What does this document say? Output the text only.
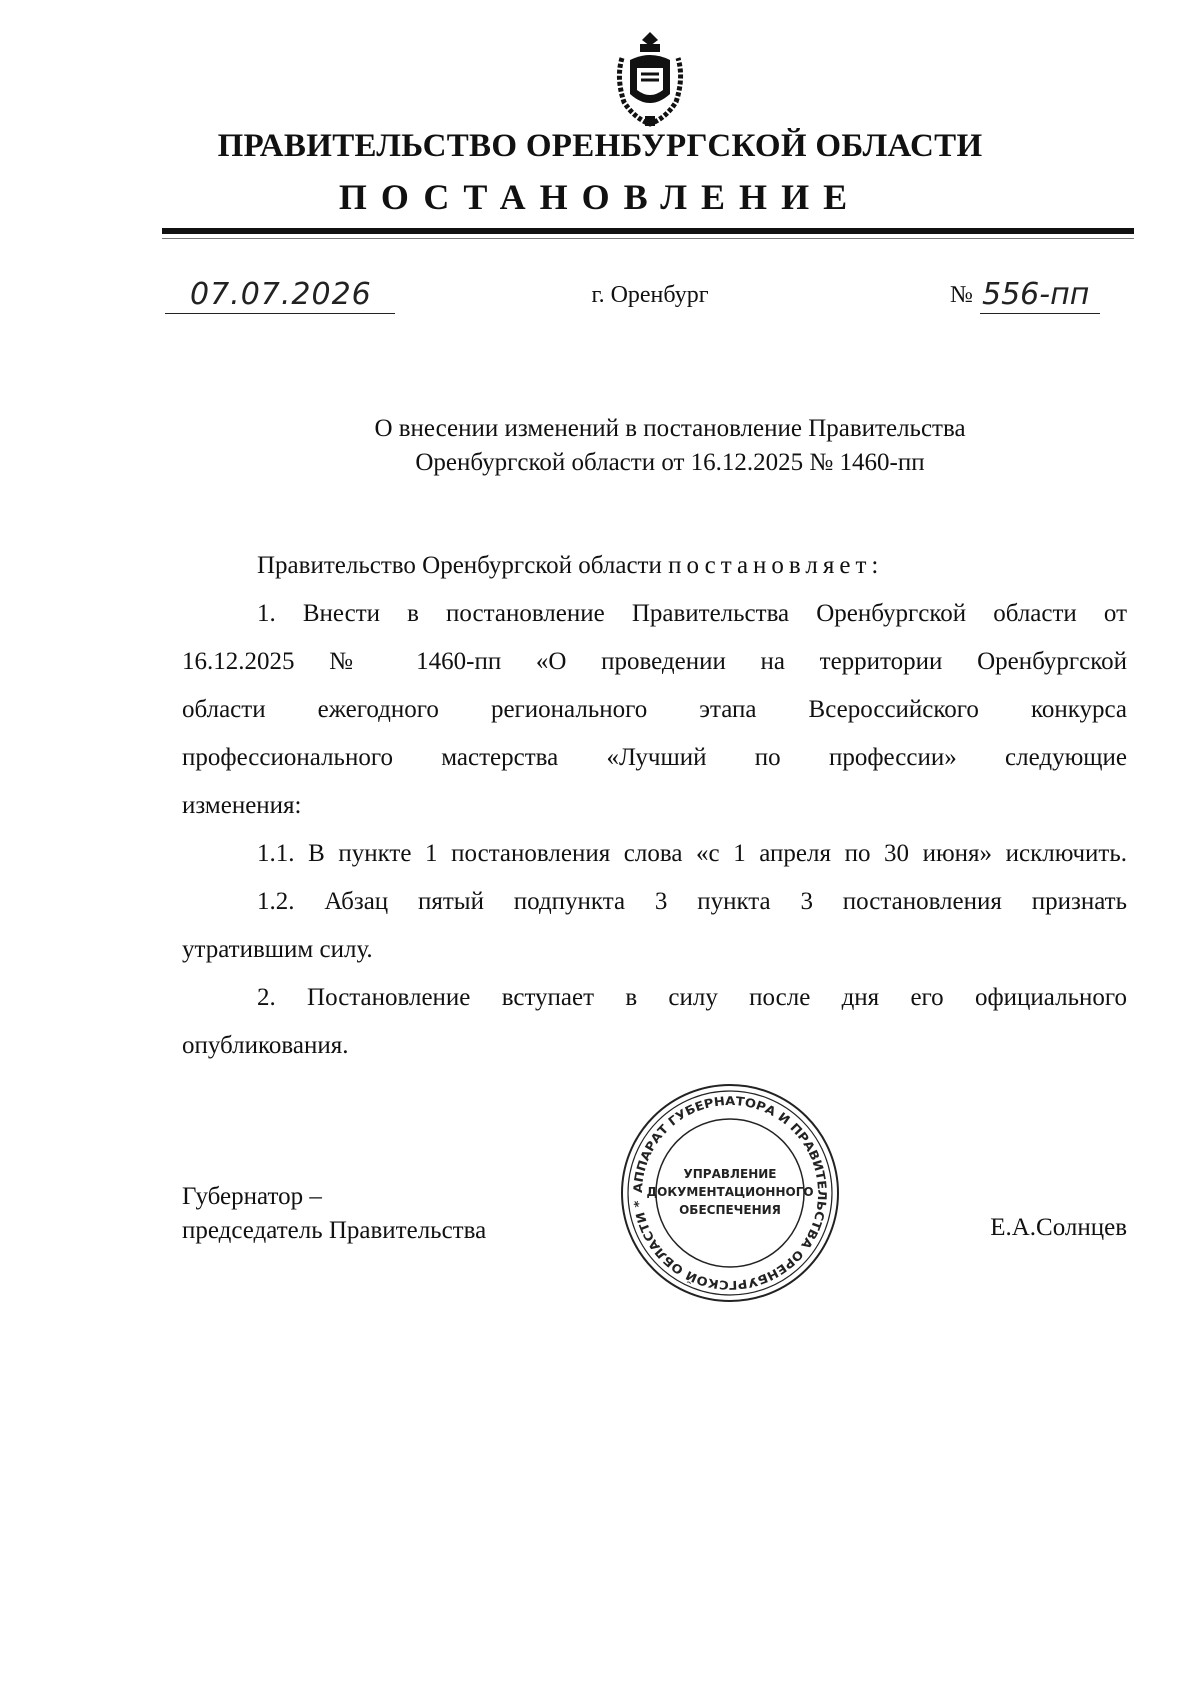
ПРАВИТЕЛЬСТВО ОРЕНБУРГСКОЙ ОБЛАСТИ
ПОСТАНОВЛЕНИЕ
07.07.2026	г. Оренбург	№ 556-пп
О внесении изменений в постановление Правительства
Оренбургской области от 16.12.2025 № 1460-пп
Правительство Оренбургской области постановляет:
1. Внести в постановление Правительства Оренбургской области от
16.12.2025 № 1460-пп «О проведении на территории Оренбургской
области ежегодного регионального этапа Всероссийского конкурса
профессионального мастерства «Лучший по профессии» следующие
изменения:
1.1. В пункте 1 постановления слова «с 1 апреля по 30 июня» исключить.
1.2. Абзац пятый подпункта 3 пункта 3 постановления признать
утратившим силу.
2. Постановление вступает в силу после дня его официального
опубликования.
Губернатор –
председатель Правительства	Е.А.Солнцев
АППАРАТ ГУБЕРНАТОРА И ПРАВИТЕЛЬСТВА ОРЕНБУРГСКОЙ ОБЛАСТИ *
УПРАВЛЕНИЕ
ДОКУМЕНТАЦИОННОГО
ОБЕСПЕЧЕНИЯ
